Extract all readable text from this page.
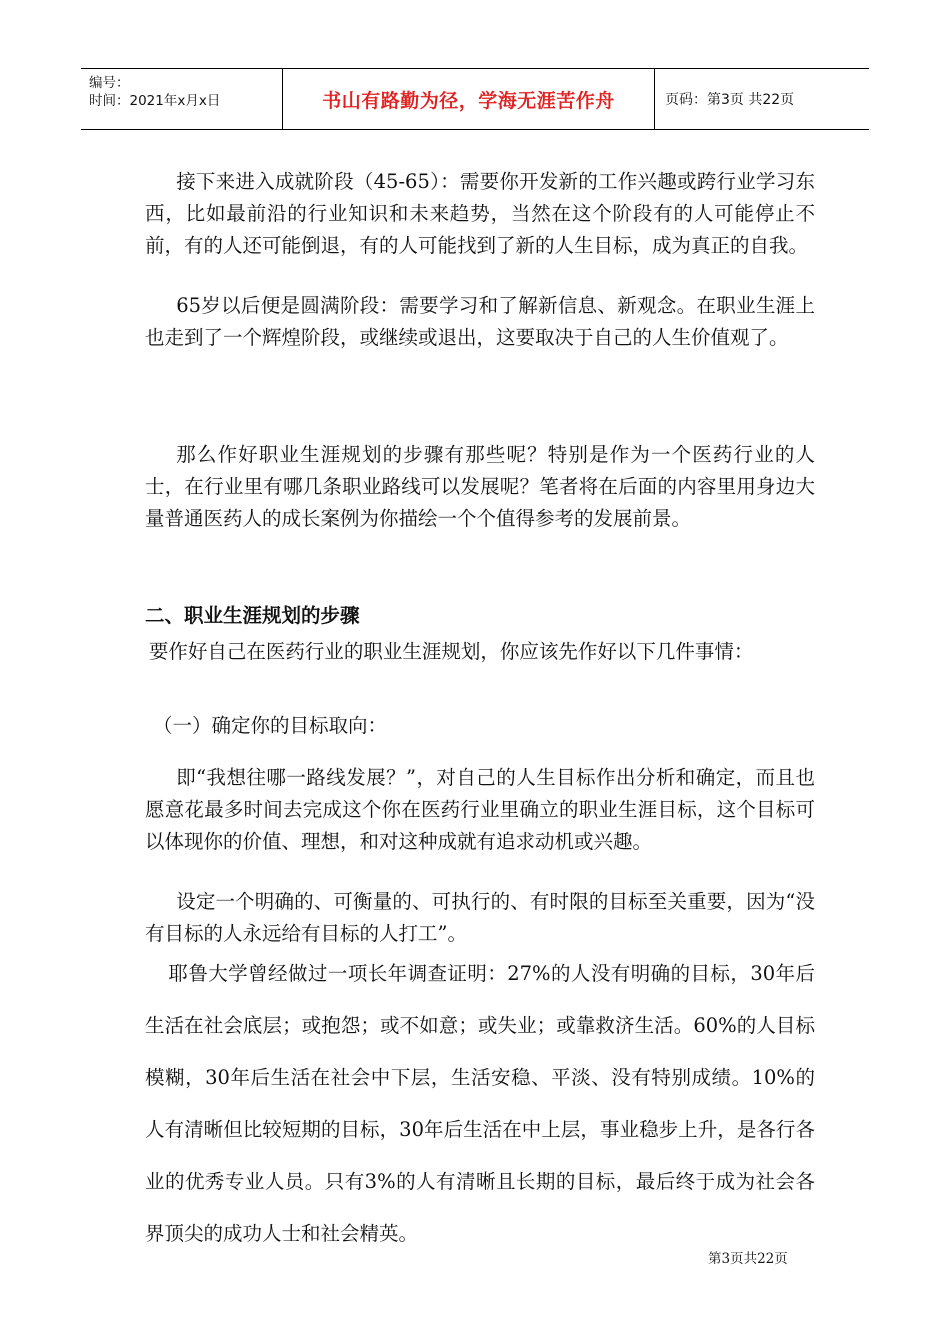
编号：
时间：2021年x月x日	书山有路勤为径，学海无涯苦作舟	页码：第3页 共22页

接下来进入成就阶段（45-65）：需要你开发新的工作兴趣或跨行业学习东西，比如最前沿的行业知识和未来趋势，当然在这个阶段有的人可能停止不前，有的人还可能倒退，有的人可能找到了新的人生目标，成为真正的自我。

65岁以后便是圆满阶段：需要学习和了解新信息、新观念。在职业生涯上也走到了一个辉煌阶段，或继续或退出，这要取决于自己的人生价值观了。

那么作好职业生涯规划的步骤有那些呢？特别是作为一个医药行业的人士，在行业里有哪几条职业路线可以发展呢？笔者将在后面的内容里用身边大量普通医药人的成长案例为你描绘一个个值得参考的发展前景。

二、职业生涯规划的步骤

要作好自己在医药行业的职业生涯规划，你应该先作好以下几件事情：

（一）确定你的目标取向：

即“我想往哪一路线发展？”，对自己的人生目标作出分析和确定，而且也愿意花最多时间去完成这个你在医药行业里确立的职业生涯目标，这个目标可以体现你的价值、理想，和对这种成就有追求动机或兴趣。

设定一个明确的、可衡量的、可执行的、有时限的目标至关重要，因为“没有目标的人永远给有目标的人打工”。

耶鲁大学曾经做过一项长年调查证明：27%的人没有明确的目标，30年后生活在社会底层；或抱怨；或不如意；或失业；或靠救济生活。60%的人目标模糊，30年后生活在社会中下层，生活安稳、平淡、没有特别成绩。10%的人有清晰但比较短期的目标，30年后生活在中上层，事业稳步上升，是各行各业的优秀专业人员。只有3%的人有清晰且长期的目标，最后终于成为社会各界顶尖的成功人士和社会精英。

第3页共22页
